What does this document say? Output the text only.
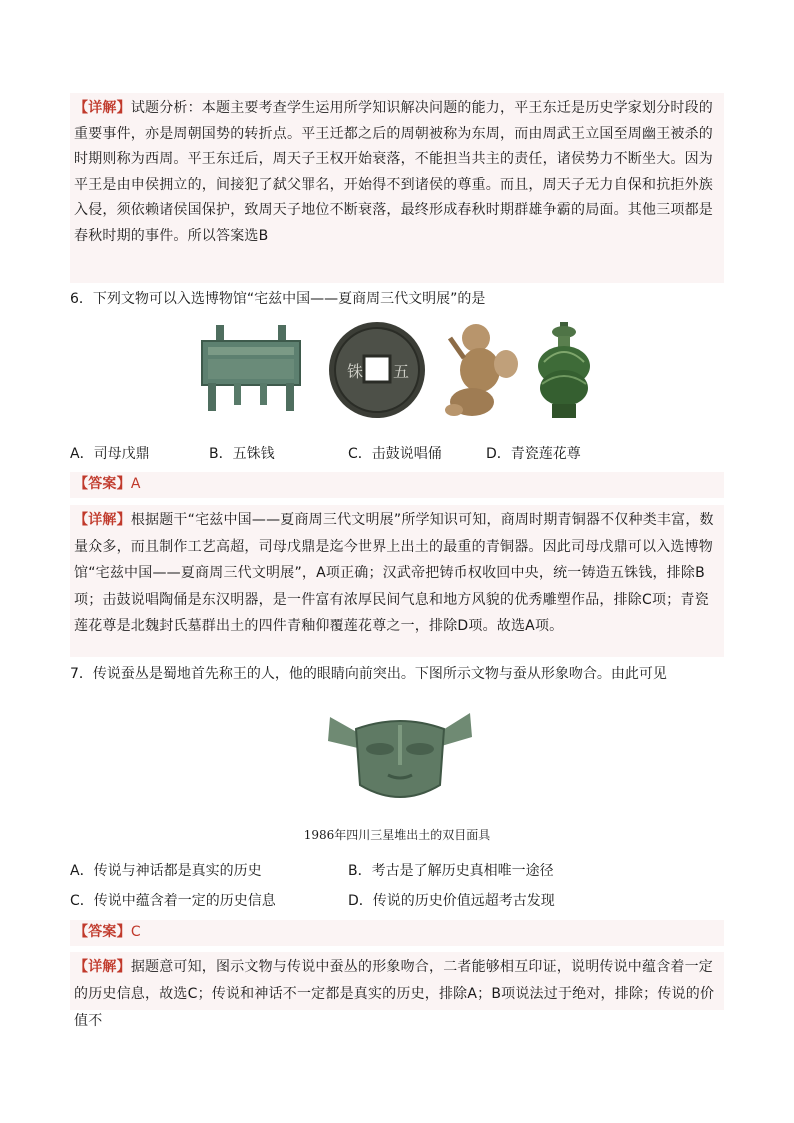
【详解】试题分析：本题主要考查学生运用所学知识解决问题的能力，平王东迁是历史学家划分时段的重要事件，亦是周朝国势的转折点。平王迁都之后的周朝被称为东周，而由周武王立国至周幽王被杀的时期则称为西周。平王东迁后，周天子王权开始衰落，不能担当共主的责任，诸侯势力不断坐大。因为平王是由申侯拥立的，间接犯了弑父罪名，开始得不到诸侯的尊重。而且，周天子无力自保和抗拒外族入侵，须依赖诸侯国保护，致周天子地位不断衰落，最终形成春秋时期群雄争霸的局面。其他三项都是春秋时期的事件。所以答案选B

6．下列文物可以入选博物馆“宅兹中国——夏商周三代文明展”的是
铢 五
A．司母戊鼎	B．五铢钱	C．击鼓说唱俑	D．青瓷莲花尊

【答案】A

【详解】根据题干“宅兹中国——夏商周三代文明展”所学知识可知，商周时期青铜器不仅种类丰富，数量众多，而且制作工艺高超，司母戊鼎是迄今世界上出土的最重的青铜器。因此司母戊鼎可以入选博物馆“宅兹中国——夏商周三代文明展”，A项正确；汉武帝把铸币权收回中央，统一铸造五铢钱，排除B项；击鼓说唱陶俑是东汉明器，是一件富有浓厚民间气息和地方风貌的优秀雕塑作品，排除C项；青瓷莲花尊是北魏封氏墓群出土的四件青釉仰覆莲花尊之一，排除D项。故选A项。

7．传说蚕丛是蜀地首先称王的人，他的眼睛向前突出。下图所示文物与蚕从形象吻合。由此可见
1986年四川三星堆出土的双目面具
A．传说与神话都是真实的历史	B．考古是了解历史真相唯一途径
C．传说中蕴含着一定的历史信息	D．传说的历史价值远超考古发现

【答案】C

【详解】据题意可知，图示文物与传说中蚕丛的形象吻合，二者能够相互印证，说明传说中蕴含着一定的历史信息，故选C；传说和神话不一定都是真实的历史，排除A；B项说法过于绝对，排除；传说的价值不
